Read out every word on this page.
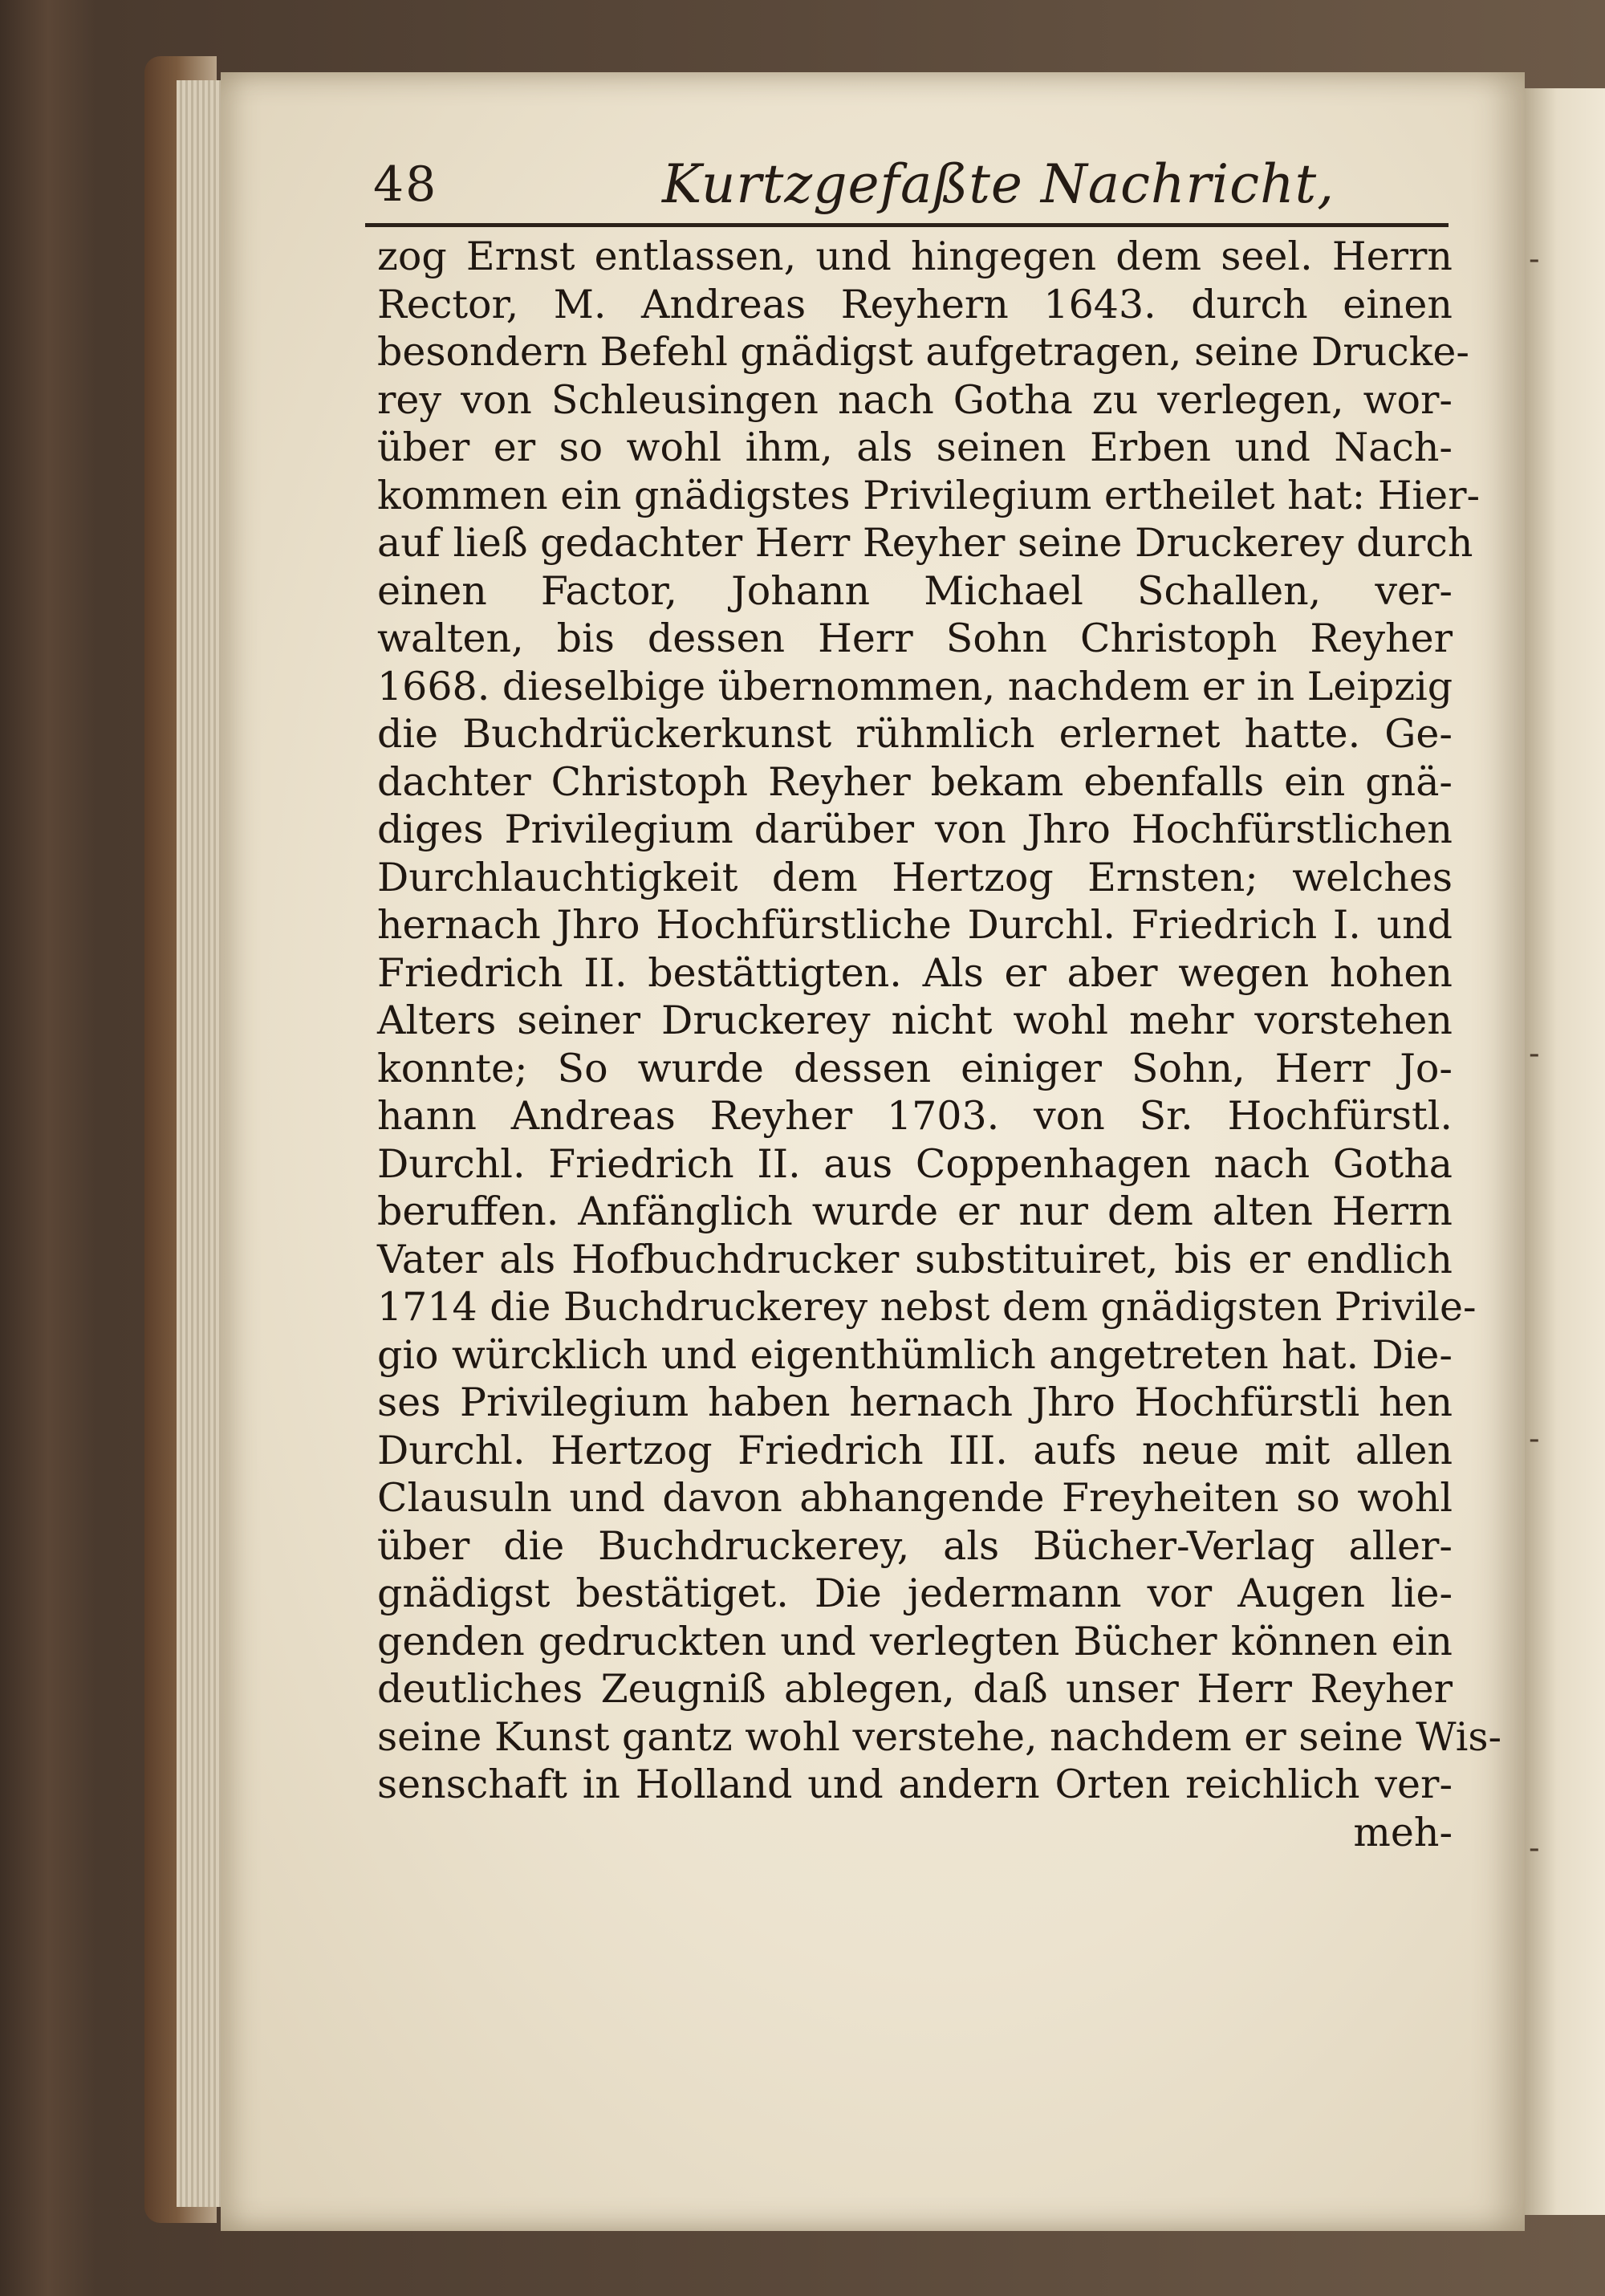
48	Kurtzgefaßte Nachricht,
zog Ernst entlassen, und hingegen dem seel. Herrn
Rector, M. Andreas Reyhern 1643. durch einen
besondern Befehl gnädigst aufgetragen, seine Drucke-
rey von Schleusingen nach Gotha zu verlegen, wor-
über er so wohl ihm, als seinen Erben und Nach-
kommen ein gnädigstes Privilegium ertheilet hat: Hier-
auf ließ gedachter Herr Reyher seine Druckerey durch
einen Factor, Johann Michael Schallen, ver-
walten, bis dessen Herr Sohn Christoph Reyher
1668. dieselbige übernommen, nachdem er in Leipzig
die Buchdrückerkunst rühmlich erlernet hatte. Ge-
dachter Christoph Reyher bekam ebenfalls ein gnä-
diges Privilegium darüber von Jhro Hochfürstlichen
Durchlauchtigkeit dem Hertzog Ernsten; welches
hernach Jhro Hochfürstliche Durchl. Friedrich I. und
Friedrich II. bestättigten. Als er aber wegen hohen
Alters seiner Druckerey nicht wohl mehr vorstehen
konnte; So wurde dessen einiger Sohn, Herr Jo-
hann Andreas Reyher 1703. von Sr. Hochfürstl.
Durchl. Friedrich II. aus Coppenhagen nach Gotha
beruffen. Anfänglich wurde er nur dem alten Herrn
Vater als Hofbuchdrucker substituiret, bis er endlich
1714 die Buchdruckerey nebst dem gnädigsten Privile-
gio würcklich und eigenthümlich angetreten hat. Die-
ses Privilegium haben hernach Jhro Hochfürstli hen
Durchl. Hertzog Friedrich III. aufs neue mit allen
Clausuln und davon abhangende Freyheiten so wohl
über die Buchdruckerey, als Bücher-Verlag aller-
gnädigst bestätiget. Die jedermann vor Augen lie-
genden gedruckten und verlegten Bücher können ein
deutliches Zeugniß ablegen, daß unser Herr Reyher
seine Kunst gantz wohl verstehe, nachdem er seine Wis-
senschaft in Holland und andern Orten reichlich ver-
meh-
-
-
-
-
